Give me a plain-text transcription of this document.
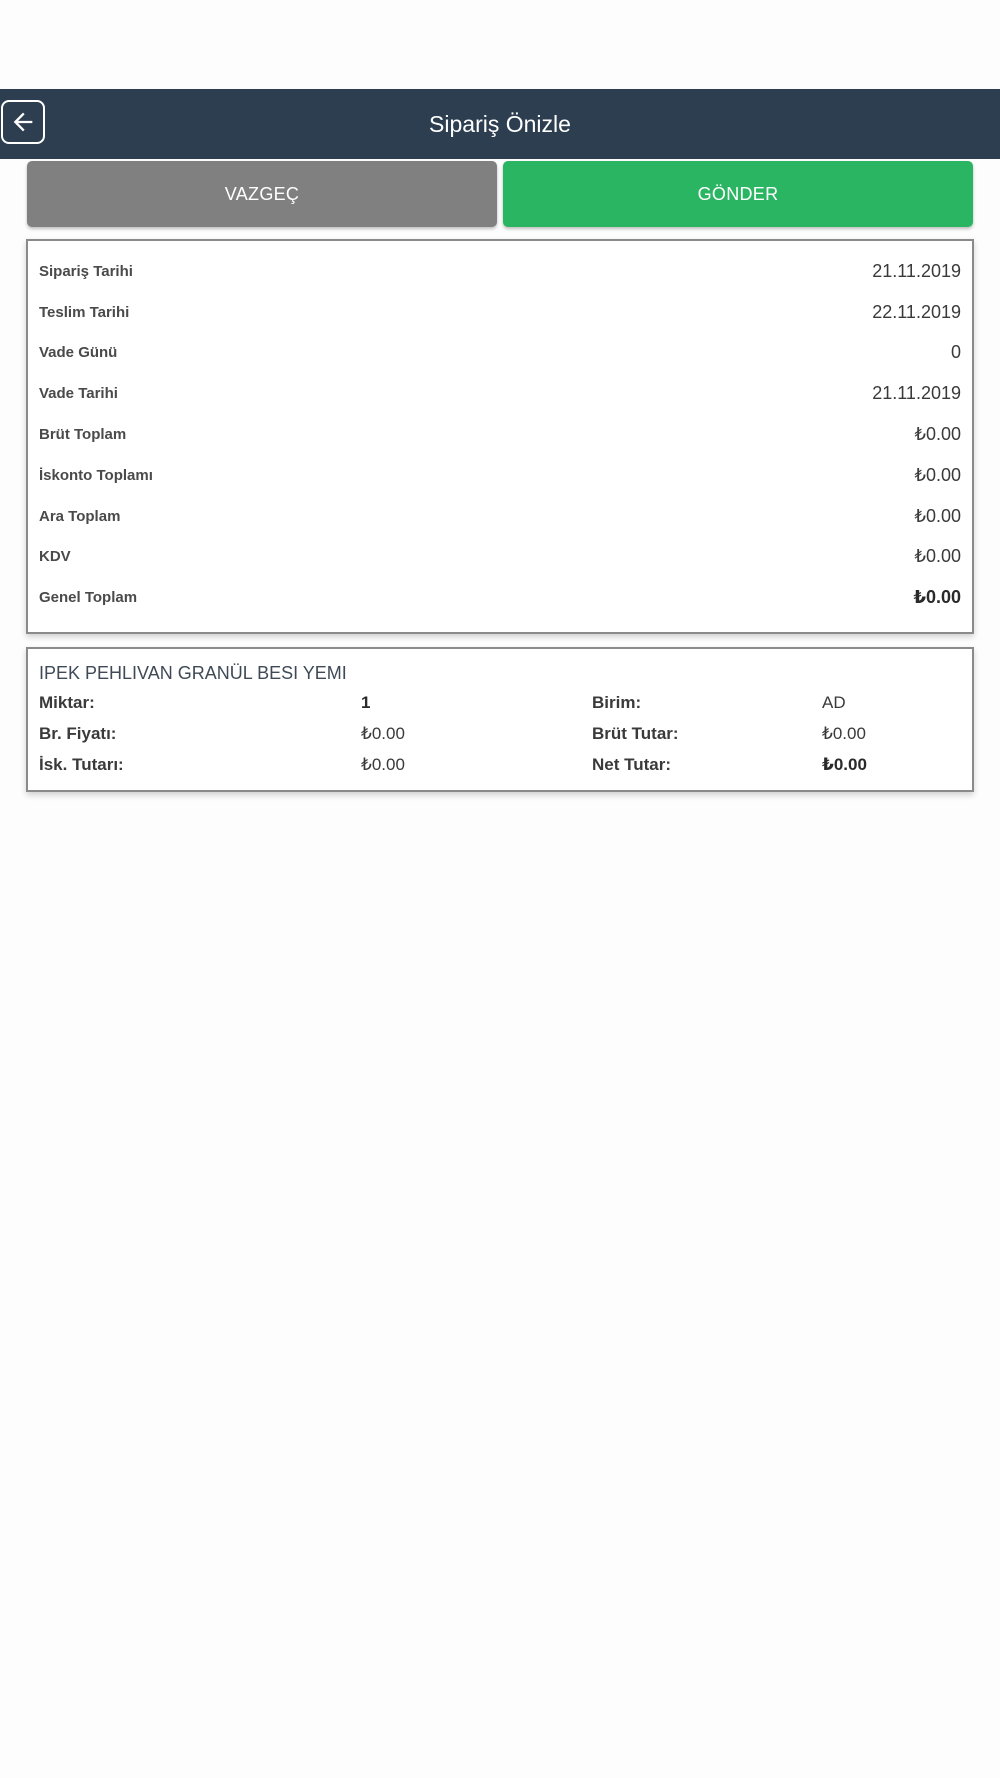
Sipariş Önizle
VAZGEÇ	GÖNDER
Sipariş Tarihi	21.11.2019
Teslim Tarihi	22.11.2019
Vade Günü	0
Vade Tarihi	21.11.2019
Brüt Toplam	₺0.00
İskonto Toplamı	₺0.00
Ara Toplam	₺0.00
KDV	₺0.00
Genel Toplam	₺0.00
IPEK PEHLIVAN GRANÜL BESI YEMI
Miktar:	1	Birim:	AD
Br. Fiyatı:	₺0.00	Brüt Tutar:	₺0.00
İsk. Tutarı:	₺0.00	Net Tutar:	₺0.00
